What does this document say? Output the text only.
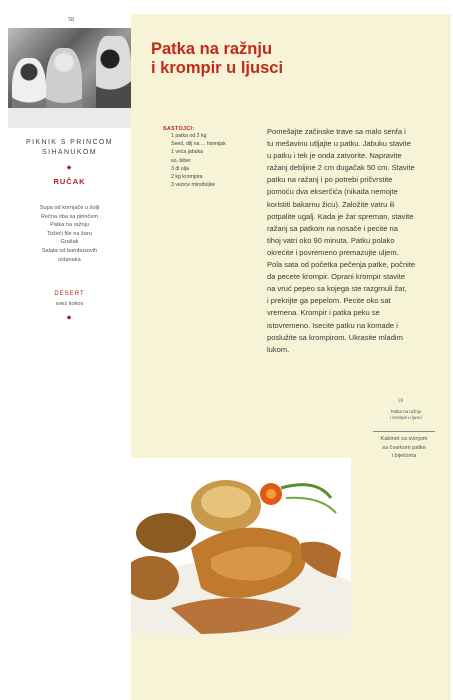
58
PIKNIK S PRINCOM
SIHANUKOM
◆
RUČAK
Supa od kornjače u šolji
Rečna riba sa pirinčem
Patka na ražnju
Tošeći file na žaru
Grašak
Salata od bambusovih
izdanaka
DESERT
sveż kokos
◆
Patka na ražnju
i krompir u ljusci
SASTOJCI:
1 patka od 2 kg
Seed, dilj na ... hiomijak
1 veća jabuka
so, biber
3 dl ulja
2 kg krompira
3 vezice mirođuijke
Pomešajte začinske trave sa malo senfa i
tu mešavinu utljajte u patku. Jabuku stavite
u patku i tek je onda zatvorite. Napravite
ražanj debljine 2 cm dugačak 50 cm. Stavite
patku na ražanj i po potrebi pričvrstite
pomoću dva ekserčića (nikada nemojte
koristiti bakarnu žicu). Založite vatru ili
potpalite ugalj. Kada je žar spreman, stavite
ražanj sa patkom na nosače i pecite na
tihoj vatri oko 90 minuta. Patku polako
okrećite i povremeno premazujte uljem.
Pola sata od početka pečenja patke, počnite
da pecete krompir. Oprani krompir stavite
na vruć pepeo sa kojega ste razgrnuli žar,
i prekrijte ga pepelom. Pecite oko sat
vremena. Krompir i patka peku se
istovremeno. Isecite patku na komade i
poslužite sa krompirom. Ukrasite mladim
lukom.
59
Patka na ražnju
i krompir u ljusci
Kabinet sa svinjom
sa čvarkom patke
i bijelcima
